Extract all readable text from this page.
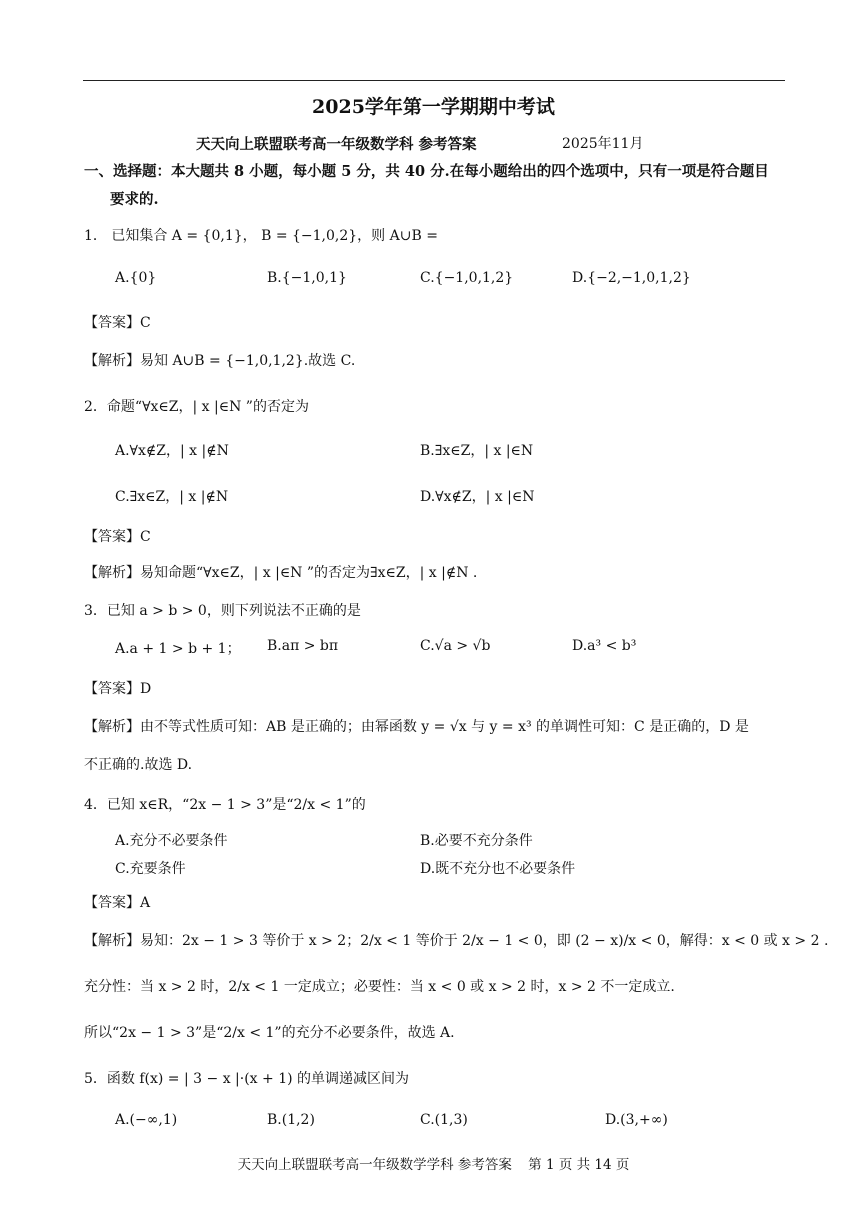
2025学年第一学期期中考试
天天向上联盟联考高一年级数学科 参考答案	2025年11月
一、选择题：本大题共 8 小题，每小题 5 分，共 40 分.在每小题给出的四个选项中，只有一项是符合题目
要求的.
1． 已知集合 A = {0,1}， B = {−1,0,2}，则 A∪B =
A.{0}	B.{−1,0,1}	C.{−1,0,1,2}	D.{−2,−1,0,1,2}
【答案】C
【解析】易知 A∪B = {−1,0,1,2}.故选 C.
2．命题“∀x∈Z，| x |∈N ”的否定为
A.∀x∉Z，| x |∉N	B.∃x∈Z，| x |∈N
C.∃x∈Z，| x |∉N	D.∀x∉Z，| x |∈N
【答案】C
【解析】易知命题“∀x∈Z，| x |∈N ”的否定为∃x∈Z，| x |∉N .
3．已知 a > b > 0，则下列说法不正确的是
A.a + 1 > b + 1； B.aπ > bπ	C.√a > √b	D.a³ < b³
【答案】D
【解析】由不等式性质可知：AB 是正确的；由幂函数 y = √x 与 y = x³ 的单调性可知：C 是正确的，D 是
不正确的.故选 D.
4．已知 x∈R，“2x − 1 > 3”是“2/x < 1”的
A.充分不必要条件	B.必要不充分条件
C.充要条件	D.既不充分也不必要条件
【答案】A
【解析】易知：2x − 1 > 3 等价于 x > 2；2/x < 1 等价于 2/x − 1 < 0，即 (2 − x)/x < 0，解得：x < 0 或 x > 2 .
充分性：当 x > 2 时，2/x < 1 一定成立；必要性：当 x < 0 或 x > 2 时，x > 2 不一定成立.
所以“2x − 1 > 3”是“2/x < 1”的充分不必要条件，故选 A.
5．函数 f(x) = | 3 − x |·(x + 1) 的单调递减区间为
A.(−∞,1)	B.(1,2)	C.(1,3)	D.(3,+∞)
天天向上联盟联考高一年级数学学科 参考答案 第 1 页 共 14 页
